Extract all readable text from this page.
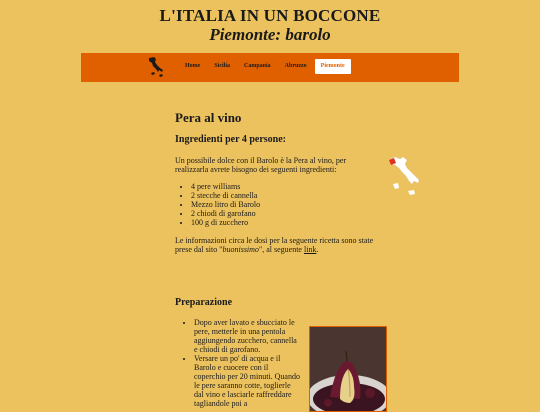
L'ITALIA IN UN BOCCONE
Piemonte: barolo
Home	Sicilia	Campania	Abruzzo	Piemonte
Pera al vino
Ingredienti per 4 persone:

Un possibile dolce con il Barolo è la Pera al vino, per realizzarla avrete bisogno dei seguenti ingredienti:

• 4 pere williams
• 2 stecche di cannella
• Mezzo litro di Barolo
• 2 chiodi di garofano
• 100 g di zucchero

Le informazioni circa le dosi per la seguente ricetta sono state prese dal sito "buonissimo", al seguente link.

Preparazione
• Dopo aver lavato e sbucciato le pere, metterle in una pentola aggiungendo zucchero, cannella e chiodi di garofano.
• Versare un po' di acqua e il Barolo e cuocere con il coperchio per 20 minuti. Quando le pere saranno cotte, toglierle dal vino e lasciarle raffreddare tagliandole poi a
